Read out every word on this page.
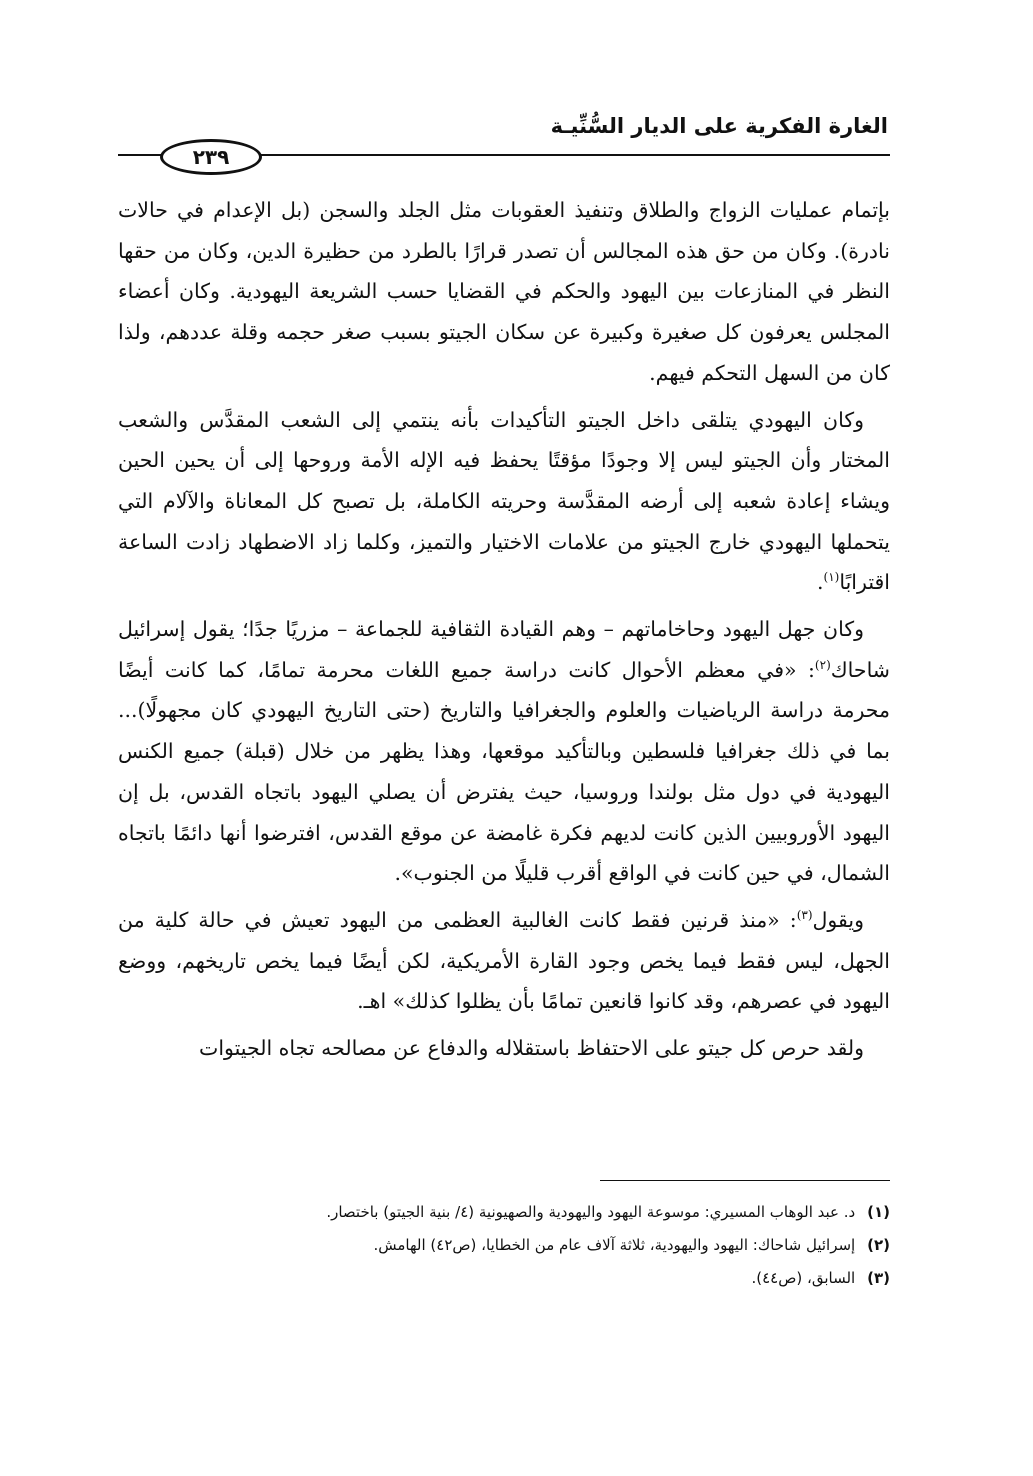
الغارة الفكرية على الديار السُّنِّيـة
٢٣٩

بإتمام عمليات الزواج والطلاق وتنفيذ العقوبات مثل الجلد والسجن (بل الإعدام في حالات نادرة). وكان من حق هذه المجالس أن تصدر قرارًا بالطرد من حظيرة الدين، وكان من حقها النظر في المنازعات بين اليهود والحكم في القضايا حسب الشريعة اليهودية. وكان أعضاء المجلس يعرفون كل صغيرة وكبيرة عن سكان الجيتو بسبب صغر حجمه وقلة عددهم، ولذا كان من السهل التحكم فيهم.

وكان اليهودي يتلقى داخل الجيتو التأكيدات بأنه ينتمي إلى الشعب المقدَّس والشعب المختار وأن الجيتو ليس إلا وجودًا مؤقتًا يحفظ فيه الإله الأمة وروحها إلى أن يحين الحين ويشاء إعادة شعبه إلى أرضه المقدَّسة وحريته الكاملة، بل تصبح كل المعاناة والآلام التي يتحملها اليهودي خارج الجيتو من علامات الاختيار والتميز، وكلما زاد الاضطهاد زادت الساعة اقترابًا$^{(١)}$.

وكان جهل اليهود وحاخاماتهم – وهم القيادة الثقافية للجماعة – مزريًا جدًا؛ يقول إسرائيل شاحاك$^{(٢)}$: «في معظم الأحوال كانت دراسة جميع اللغات محرمة تمامًا، كما كانت أيضًا محرمة دراسة الرياضيات والعلوم والجغرافيا والتاريخ (حتى التاريخ اليهودي كان مجهولًا)... بما في ذلك جغرافيا فلسطين وبالتأكيد موقعها، وهذا يظهر من خلال (قبلة) جميع الكنس اليهودية في دول مثل بولندا وروسيا، حيث يفترض أن يصلي اليهود باتجاه القدس، بل إن اليهود الأوروبيين الذين كانت لديهم فكرة غامضة عن موقع القدس، افترضوا أنها دائمًا باتجاه الشمال، في حين كانت في الواقع أقرب قليلًا من الجنوب».

ويقول$^{(٣)}$: «منذ قرنين فقط كانت الغالبية العظمى من اليهود تعيش في حالة كلية من الجهل، ليس فقط فيما يخص وجود القارة الأمريكية، لكن أيضًا فيما يخص تاريخهم، ووضع اليهود في عصرهم، وقد كانوا قانعين تمامًا بأن يظلوا كذلك» اهـ.

ولقد حرص كل جيتو على الاحتفاظ باستقلاله والدفاع عن مصالحه تجاه الجيتوات

(١) د. عبد الوهاب المسيري: موسوعة اليهود واليهودية والصهيونية (٤/ بنية الجيتو) باختصار.
(٢) إسرائيل شاحاك: اليهود واليهودية، ثلاثة آلاف عام من الخطايا، (ص٤٢) الهامش.
(٣) السابق، (ص٤٤).
